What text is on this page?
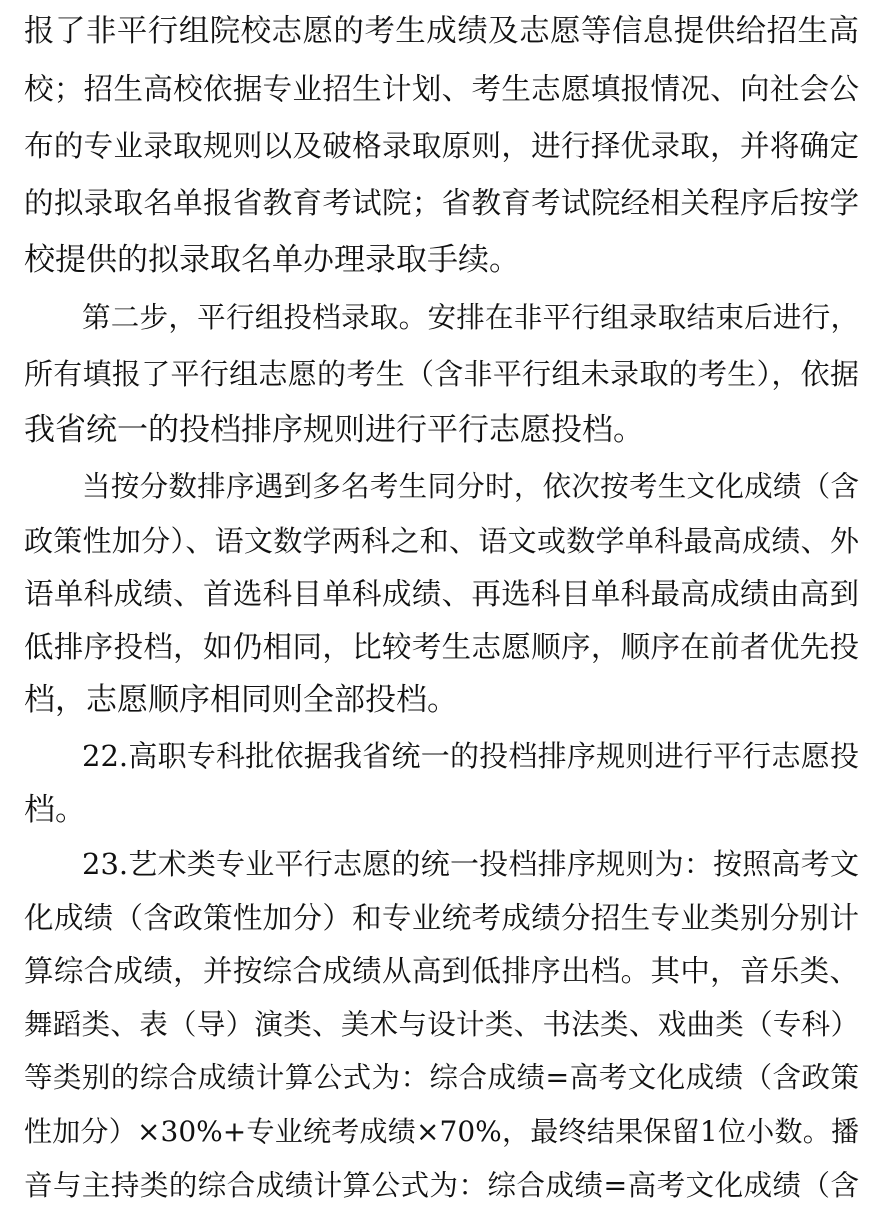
报了非平行组院校志愿的考生成绩及志愿等信息提供给招生高
校；招生高校依据专业招生计划、考生志愿填报情况、向社会公
布的专业录取规则以及破格录取原则，进行择优录取，并将确定
的拟录取名单报省教育考试院；省教育考试院经相关程序后按学
校提供的拟录取名单办理录取手续。
第二步，平行组投档录取。安排在非平行组录取结束后进行，
所有填报了平行组志愿的考生（含非平行组未录取的考生），依据
我省统一的投档排序规则进行平行志愿投档。
当按分数排序遇到多名考生同分时，依次按考生文化成绩（含
政策性加分）、语文数学两科之和、语文或数学单科最高成绩、外
语单科成绩、首选科目单科成绩、再选科目单科最高成绩由高到
低排序投档，如仍相同，比较考生志愿顺序，顺序在前者优先投
档，志愿顺序相同则全部投档。
22.高职专科批依据我省统一的投档排序规则进行平行志愿投
档。
23.艺术类专业平行志愿的统一投档排序规则为：按照高考文
化成绩（含政策性加分）和专业统考成绩分招生专业类别分别计
算综合成绩，并按综合成绩从高到低排序出档。其中，音乐类、
舞蹈类、表（导）演类、美术与设计类、书法类、戏曲类（专科）
等类别的综合成绩计算公式为：综合成绩=高考文化成绩（含政策
性加分）×30%+专业统考成绩×70%，最终结果保留1位小数。播
音与主持类的综合成绩计算公式为：综合成绩=高考文化成绩（含
